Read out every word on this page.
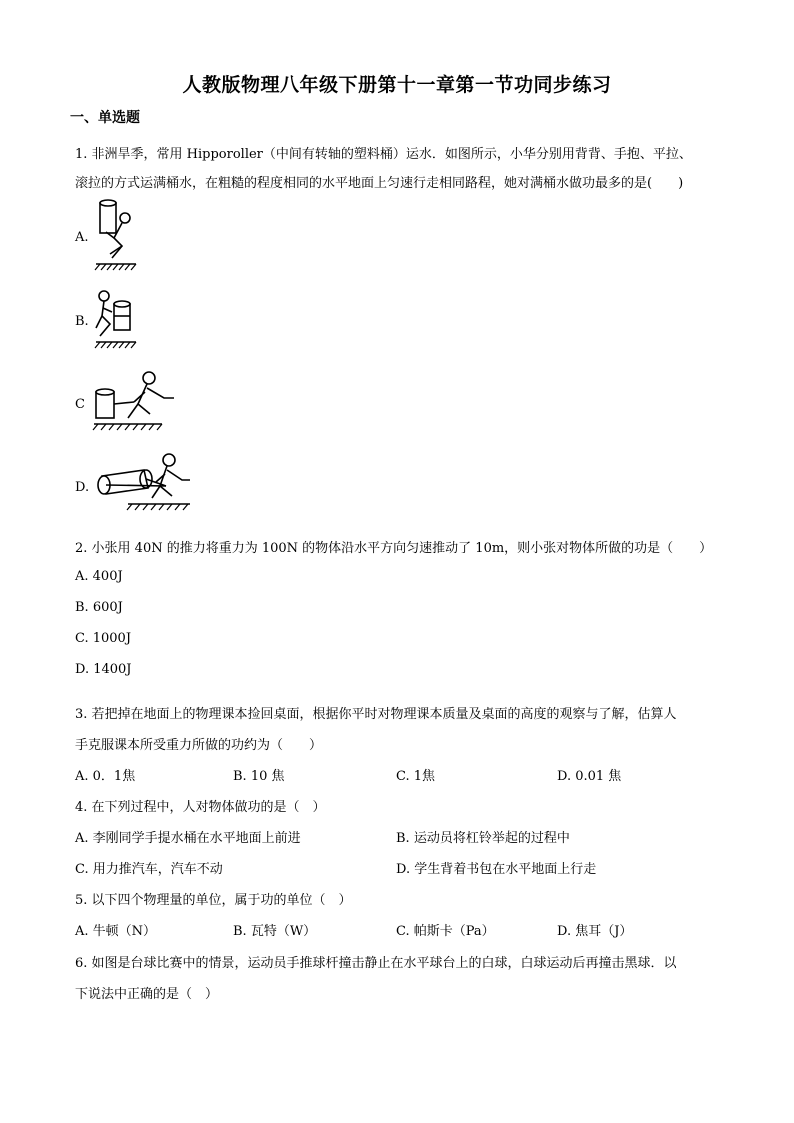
人教版物理八年级下册第十一章第一节功同步练习
一、单选题
1. 非洲旱季，常用 Hipporoller（中间有转轴的塑料桶）运水．如图所示，小华分别用背背、手抱、平拉、
滚拉的方式运满桶水，在粗糙的程度相同的水平地面上匀速行走相同路程，她对满桶水做功最多的是(　　)
A.
B.
C
D.
2. 小张用 40N 的推力将重力为 100N 的物体沿水平方向匀速推动了 10m，则小张对物体所做的功是（　　）
A. 400J
B. 600J
C. 1000J
D. 1400J
3. 若把掉在地面上的物理课本捡回桌面，根据你平时对物理课本质量及桌面的高度的观察与了解，估算人
手克服课本所受重力所做的功约为（　　）
A. 0．1焦	B. 10 焦	C. 1焦	D. 0.01 焦
4. 在下列过程中，人对物体做功的是（　）
A. 李刚同学手提水桶在水平地面上前进	B. 运动员将杠铃举起的过程中
C. 用力推汽车，汽车不动	D. 学生背着书包在水平地面上行走
5. 以下四个物理量的单位，属于功的单位（　）
A. 牛顿（N）	B. 瓦特（W）	C. 帕斯卡（Pa）	D. 焦耳（J）
6. 如图是台球比赛中的情景，运动员手推球杆撞击静止在水平球台上的白球，白球运动后再撞击黑球．以
下说法中正确的是（　）
